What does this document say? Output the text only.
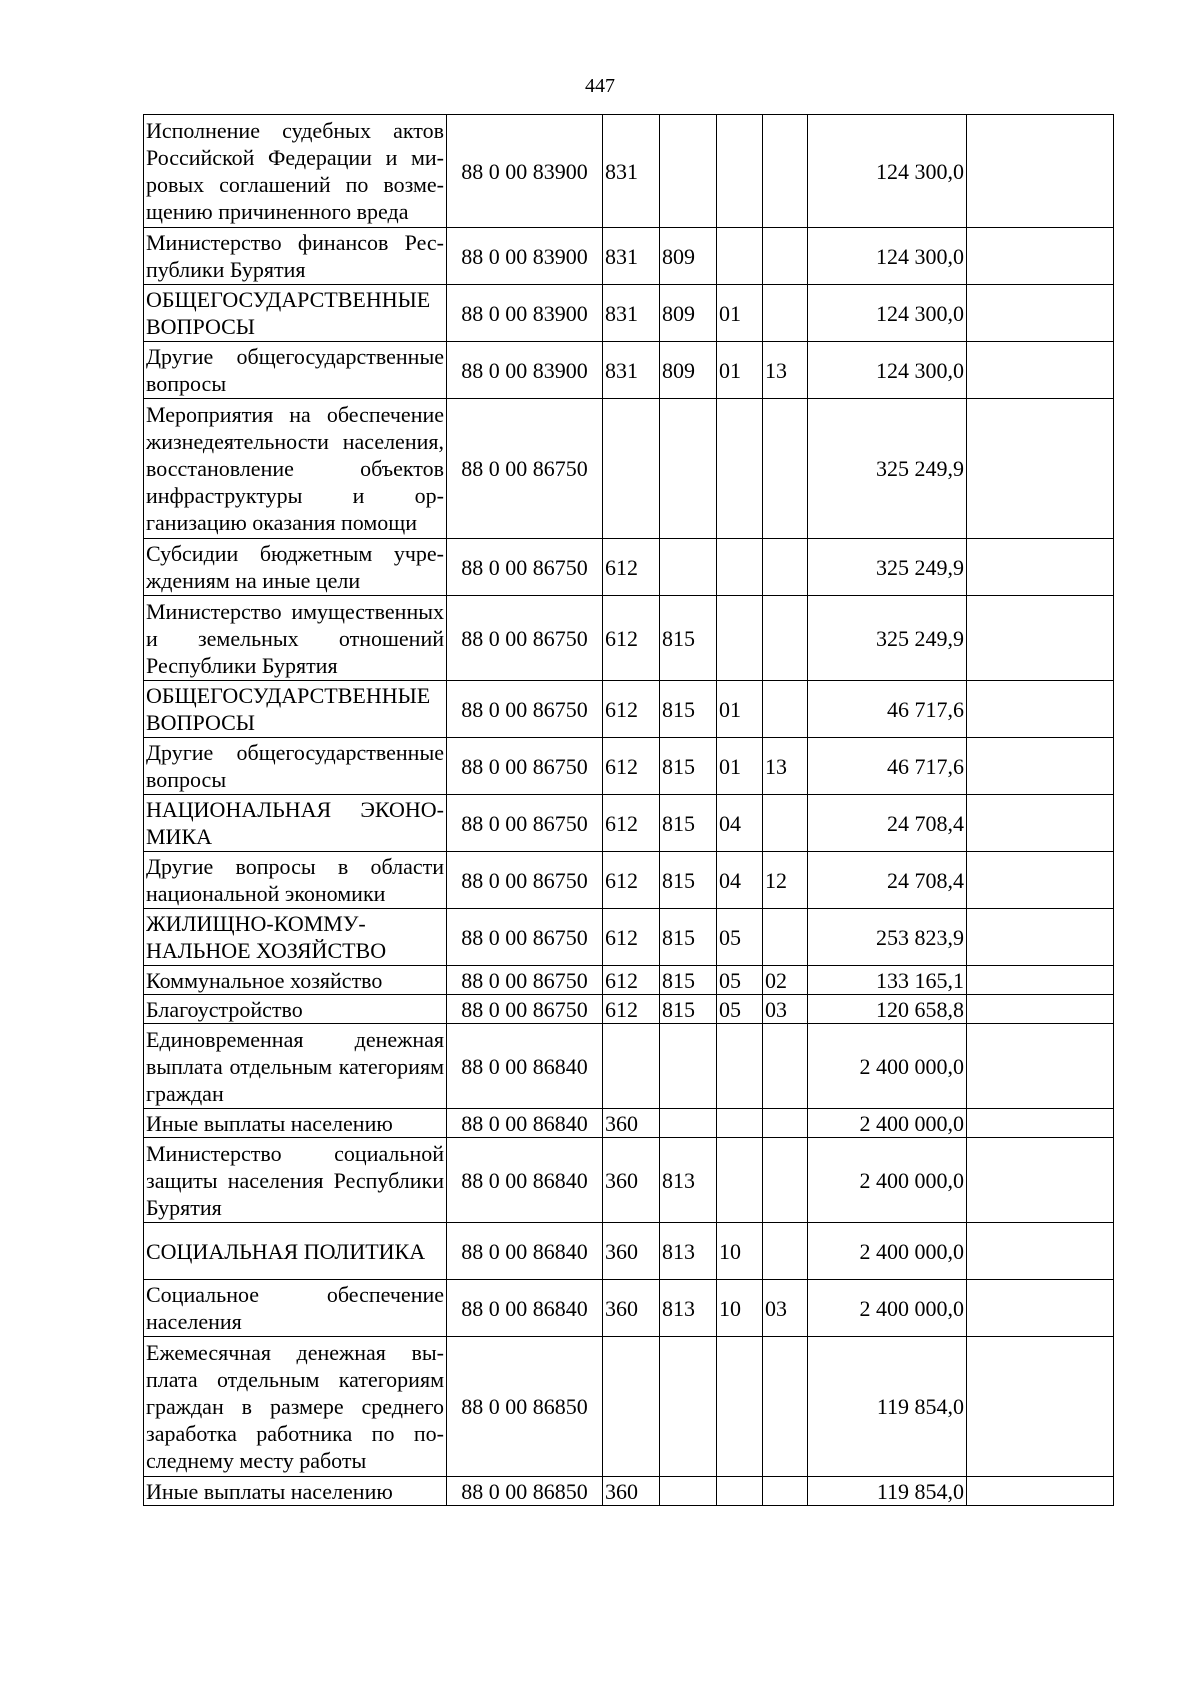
447
Исполнение судебных актов Российской Федерации и мировых соглашений по возмещению причиненного вреда	88 0 00 83900	831				124 300,0	
Министерство финансов Республики Бурятия	88 0 00 83900	831	809			124 300,0	
ОБЩЕГОСУДАРСТВЕННЫЕ ВОПРОСЫ	88 0 00 83900	831	809	01		124 300,0	
Другие общегосударственные вопросы	88 0 00 83900	831	809	01	13	124 300,0	
Мероприятия на обеспечение жизнедеятельности населения, восстановление объектов инфраструктуры и организацию оказания помощи	88 0 00 86750					325 249,9	
Субсидии бюджетным учреждениям на иные цели	88 0 00 86750	612				325 249,9	
Министерство имущественных и земельных отношений Республики Бурятия	88 0 00 86750	612	815			325 249,9	
ОБЩЕГОСУДАРСТВЕННЫЕ ВОПРОСЫ	88 0 00 86750	612	815	01		46 717,6	
Другие общегосударственные вопросы	88 0 00 86750	612	815	01	13	46 717,6	
НАЦИОНАЛЬНАЯ ЭКОНОМИКА	88 0 00 86750	612	815	04		24 708,4	
Другие вопросы в области национальной экономики	88 0 00 86750	612	815	04	12	24 708,4	
ЖИЛИЩНО-КОММУНАЛЬНОЕ ХОЗЯЙСТВО	88 0 00 86750	612	815	05		253 823,9	
Коммунальное хозяйство	88 0 00 86750	612	815	05	02	133 165,1	
Благоустройство	88 0 00 86750	612	815	05	03	120 658,8	
Единовременная денежная выплата отдельным категориям граждан	88 0 00 86840					2 400 000,0	
Иные выплаты населению	88 0 00 86840	360				2 400 000,0	
Министерство социальной защиты населения Республики Бурятия	88 0 00 86840	360	813			2 400 000,0	
СОЦИАЛЬНАЯ ПОЛИТИКА	88 0 00 86840	360	813	10		2 400 000,0	
Социальное обеспечение населения	88 0 00 86840	360	813	10	03	2 400 000,0	
Ежемесячная денежная выплата отдельным категориям граждан в размере среднего заработка работника по последнему месту работы	88 0 00 86850					119 854,0	
Иные выплаты населению	88 0 00 86850	360				119 854,0	
